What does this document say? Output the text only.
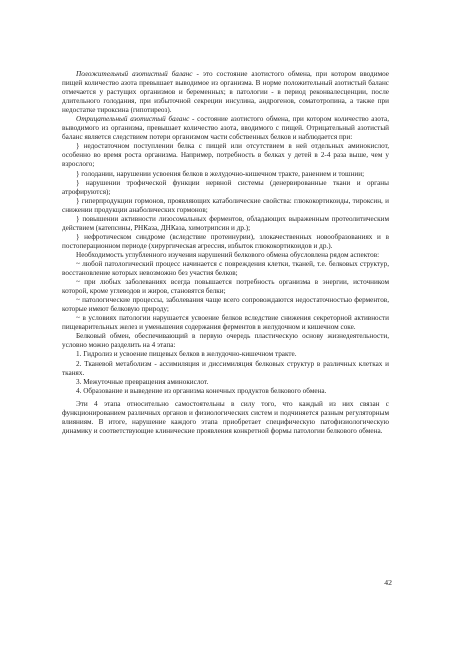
Положительный азотистый баланс - это состояние азотистого обмена, при котором вводимое пищей количество азота превышает выводимое из организма. В норме положительный азотистый баланс отмечается у растущих организмов и беременных; в патологии - в период реконвалесценции, после длительного голодания, при избыточной секреции инсулина, андрогенов, соматотропина, а также при недостатке тироксина (гипотиреоз).

Отрицательный азотистый баланс - состояние азотистого обмена, при котором количество азота, выводимого из организма, превышает количество азота, вводимого с пищей. Отрицательный азотистый баланс является следствием потери организмом части собственных белков и наблюдается при:

} недостаточном поступлении белка с пищей или отсутствием в ней отдельных аминокислот, особенно во время роста организма. Например, потребность в белках у детей в 2-4 раза выше, чем у взрослого;

} голодании, нарушении усвоения белков в желудочно-кишечном тракте, ранением и тошнии;

} нарушении трофической функции нервной системы (денервированные ткани и органы атрофируются);

} гиперпродукции гормонов, проявляющих катаболические свойства: глюкокортикоиды, тироксин, и снижении продукции анаболических гормонов;

} повышении активности лизосомальных ферментов, обладающих выраженным протеолитическим действием (катепсины, РНКаза, ДНКаза, химотрипсин и др.);

} нефротическом синдроме (вследствие протеинурии), злокачественных новообразованиях и в постоперационном периоде (хирургическая агрессия, избыток глюкокортикоидов и др.).

Необходимость углубленного изучения нарушений белкового обмена обусловлена рядом аспектов:

~ любой патологический процесс начинается с повреждения клетки, тканей, т.е. белковых структур, восстановление которых невозможно без участия белков;

~ при любых заболеваниях всегда повышается потребность организма в энергии, источником которой, кроме углеводов и жиров, становятся белки;

~ патологические процессы, заболевания чаще всего сопровождаются недостаточностью ферментов, которые имеют белковую природу;

~ в условиях патологии нарушается усвоение белков вследствие снижения секреторной активности пищеварительных желез и уменьшения содержания ферментов в желудочном и кишечном соке.

Белковый обмен, обеспечивающий в первую очередь пластическую основу жизнедеятельности, условно можно разделить на 4 этапа:

1. Гидролиз и усвоение пищевых белков в желудочно-кишечном тракте.

2. Тканевой метаболизм - ассимиляция и диссимиляция белковых структур в различных клетках и тканях.

3. Межуточные превращения аминокислот.

4. Образование и выведение из организма конечных продуктов белкового обмена.

Эти 4 этапа относительно самостоятельны в силу того, что каждый из них связан с функционированием различных органов и физиологических систем и подчиняется разным регуляторным влияниям. В итоге, нарушение каждого этапа приобретает специфическую патофизиологическую динамику и соответствующие клинические проявления конкретной формы патологии белкового обмена.

42
